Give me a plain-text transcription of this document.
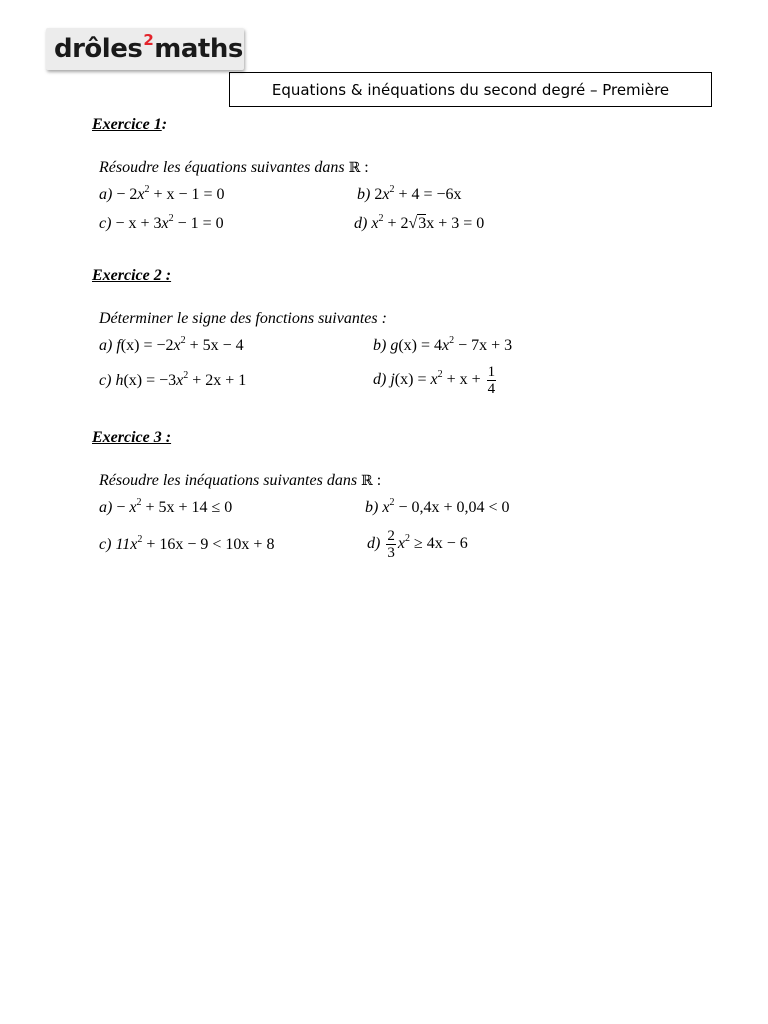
drôles 2 maths
Equations & inéquations du second degré – Première
Exercice 1:
Résoudre les équations suivantes dans ℝ :
$a) - 2x^2 + x - 1 = 0$	b) $2x^2 + 4 = -6x$
$c) - x + 3x^2 - 1 = 0$	d) $x^2 + 2√3x + 3 = 0$
Exercice 2 :
Déterminer le signe des fonctions suivantes :
a) $f(x) = -2x^2 + 5x - 4$	b) $g(x) = 4x^2 - 7x + 3$
c) $h(x) = -3x^2 + 2x + 1$	d) $j(x) = x^2 + x + \frac{1}{4}$
Exercice 3 :
Résoudre les inéquations suivantes dans ℝ :
$a) - x^2 + 5x + 14 \le 0$	b) $x^2 - 0,4x + 0,04 < 0$
c) $11x^2 + 16x - 9 < 10x + 8$	$d) \frac{2}{3} x^2 \ge 4x - 6$
